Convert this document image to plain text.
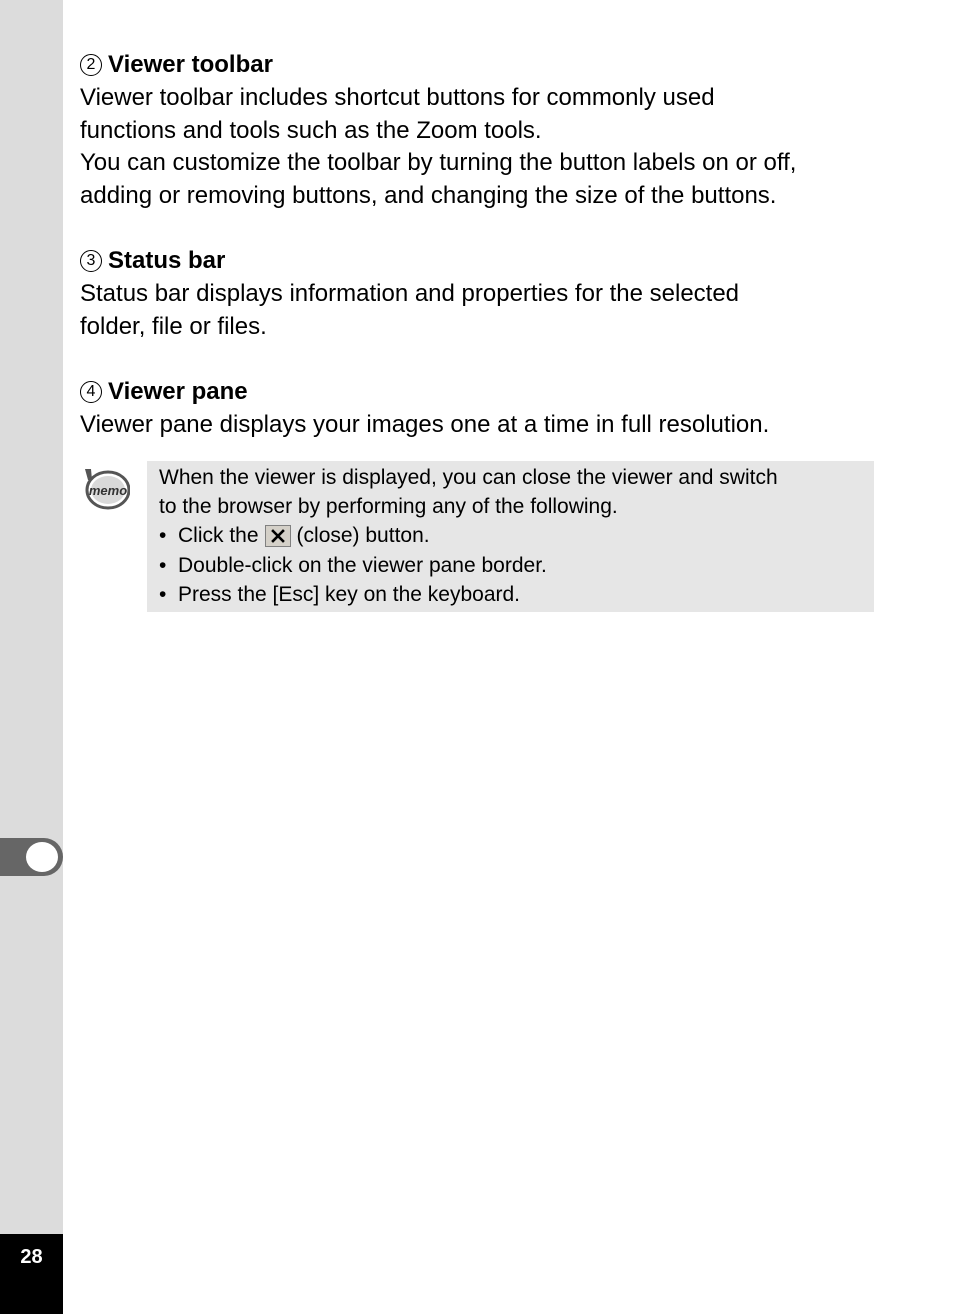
28
2 Viewer toolbar
Viewer toolbar includes shortcut buttons for commonly used
functions and tools such as the Zoom tools.
You can customize the toolbar by turning the button labels on or off,
adding or removing buttons, and changing the size of the buttons.
3 Status bar
Status bar displays information and properties for the selected
folder, file or files.
4 Viewer pane
Viewer pane displays your images one at a time in full resolution.
memo

When the viewer is displayed, you can close the viewer and switch

to the browser by performing any of the following.

• Click the (close) button.
• Double-click on the viewer pane border.
• Press the [Esc] key on the keyboard.
